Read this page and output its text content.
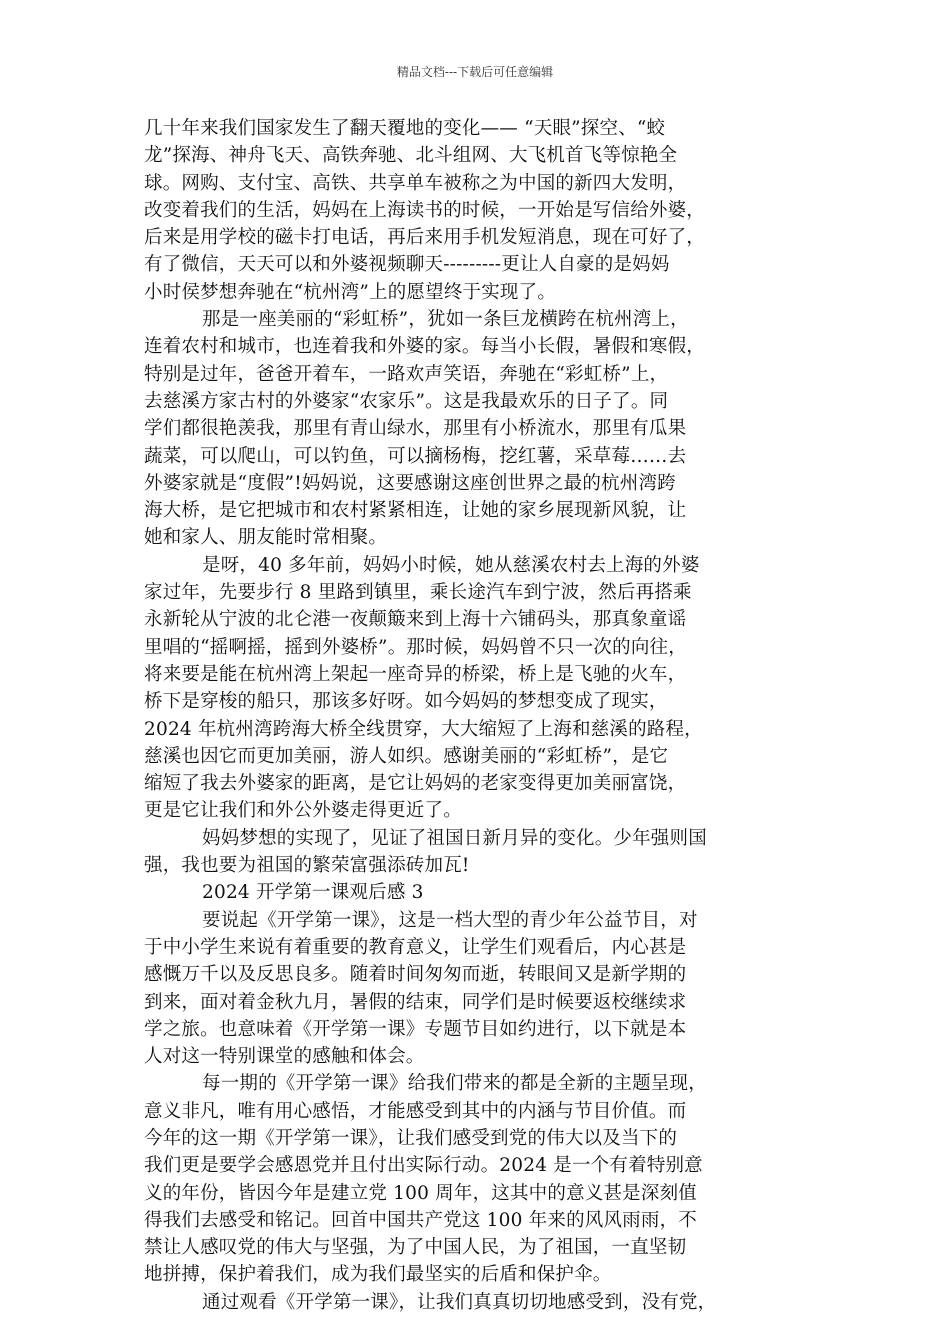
精品文档---下载后可任意编辑
几十年来我们国家发生了翻天覆地的变化—— “天眼”探空、“蛟
龙”探海、神舟飞天、高铁奔驰、北斗组网、大飞机首飞等惊艳全
球。网购、支付宝、高铁、共享单车被称之为中国的新四大发明，
改变着我们的生活，妈妈在上海读书的时候，一开始是写信给外婆，
后来是用学校的磁卡打电话，再后来用手机发短消息，现在可好了，
有了微信，天天可以和外婆视频聊天---------更让人自豪的是妈妈
小时侯梦想奔驰在“杭州湾”上的愿望终于实现了。
那是一座美丽的“彩虹桥”，犹如一条巨龙横跨在杭州湾上，
连着农村和城市，也连着我和外婆的家。每当小长假，暑假和寒假，
特别是过年，爸爸开着车，一路欢声笑语，奔驰在“彩虹桥”上，
去慈溪方家古村的外婆家“农家乐”。这是我最欢乐的日子了。同
学们都很艳羡我，那里有青山绿水，那里有小桥流水，那里有瓜果
蔬菜，可以爬山，可以钓鱼，可以摘杨梅，挖红薯，采草莓……去
外婆家就是“度假”!妈妈说，这要感谢这座创世界之最的杭州湾跨
海大桥，是它把城市和农村紧紧相连，让她的家乡展现新风貌，让
她和家人、朋友能时常相聚。
是呀，40 多年前，妈妈小时候，她从慈溪农村去上海的外婆
家过年，先要步行 8 里路到镇里，乘长途汽车到宁波，然后再搭乘
永新轮从宁波的北仑港一夜颠簸来到上海十六铺码头，那真象童谣
里唱的“摇啊摇，摇到外婆桥”。那时候，妈妈曾不只一次的向往，
将来要是能在杭州湾上架起一座奇异的桥梁，桥上是飞驰的火车，
桥下是穿梭的船只，那该多好呀。如今妈妈的梦想变成了现实，
2024 年杭州湾跨海大桥全线贯穿，大大缩短了上海和慈溪的路程，
慈溪也因它而更加美丽，游人如织。感谢美丽的“彩虹桥”，是它
缩短了我去外婆家的距离，是它让妈妈的老家变得更加美丽富饶，
更是它让我们和外公外婆走得更近了。
妈妈梦想的实现了，见证了祖国日新月异的变化。少年强则国
强，我也要为祖国的繁荣富强添砖加瓦!
2024 开学第一课观后感 3
要说起《开学第一课》，这是一档大型的青少年公益节目，对
于中小学生来说有着重要的教育意义，让学生们观看后，内心甚是
感慨万千以及反思良多。随着时间匆匆而逝，转眼间又是新学期的
到来，面对着金秋九月，暑假的结束，同学们是时候要返校继续求
学之旅。也意味着《开学第一课》专题节目如约进行，以下就是本
人对这一特别课堂的感触和体会。
每一期的《开学第一课》给我们带来的都是全新的主题呈现，
意义非凡，唯有用心感悟，才能感受到其中的内涵与节目价值。而
今年的这一期《开学第一课》，让我们感受到党的伟大以及当下的
我们更是要学会感恩党并且付出实际行动。2024 是一个有着特别意
义的年份，皆因今年是建立党 100 周年，这其中的意义甚是深刻值
得我们去感受和铭记。回首中国共产党这 100 年来的风风雨雨，不
禁让人感叹党的伟大与坚强，为了中国人民，为了祖国，一直坚韧
地拼搏，保护着我们，成为我们最坚实的后盾和保护伞。
通过观看《开学第一课》，让我们真真切切地感受到，没有党，
